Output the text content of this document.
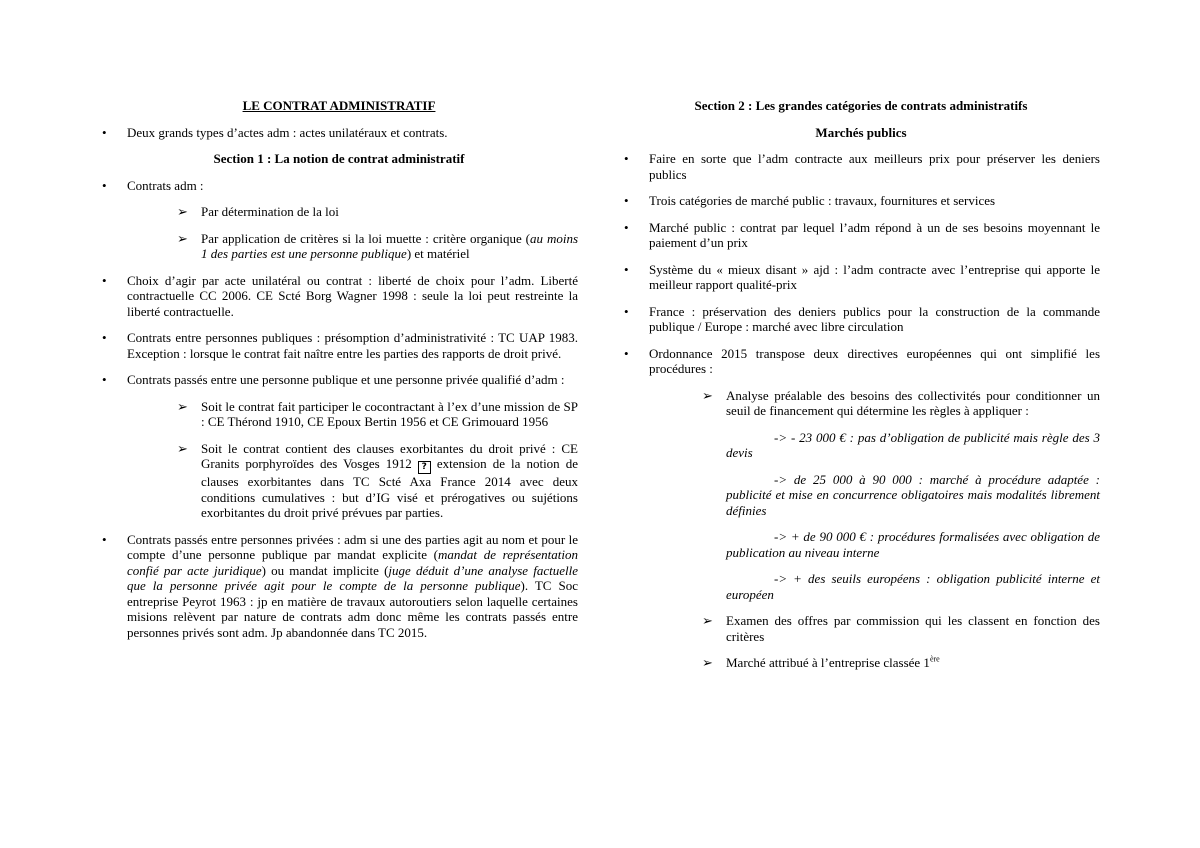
LE CONTRAT ADMINISTRATIF

• Deux grands types d’actes adm : actes unilatéraux et contrats.

Section 1 : La notion de contrat administratif

• Contrats adm :

➢ Par détermination de la loi

➢ Par application de critères si la loi muette : critère organique (au moins 1 des parties est une personne publique) et matériel

• Choix d’agir par acte unilatéral ou contrat : liberté de choix pour l’adm. Liberté contractuelle CC 2006. CE Scté Borg Wagner 1998 : seule la loi peut restreinte la liberté contractuelle.

• Contrats entre personnes publiques : présomption d’administrativité : TC UAP 1983. Exception : lorsque le contrat fait naître entre les parties des rapports de droit privé.

• Contrats passés entre une personne publique et une personne privée qualifié d’adm :

➢ Soit le contrat fait participer le cocontractant à l’ex d’une mission de SP : CE Thérond 1910, CE Epoux Bertin 1956 et CE Grimouard 1956

➢ Soit le contrat contient des clauses exorbitantes du droit privé : CE Granits porphyroïdes des Vosges 1912 ? extension de la notion de clauses exorbitantes dans TC Scté Axa France 2014 avec deux conditions cumulatives : but d’IG visé et prérogatives ou sujétions exorbitantes du droit privé prévues par parties.

• Contrats passés entre personnes privées : adm si une des parties agit au nom et pour le compte d’une personne publique par mandat explicite (mandat de représentation confié par acte juridique) ou mandat implicite (juge déduit d’une analyse factuelle que la personne privée agit pour le compte de la personne publique). TC Soc entreprise Peyrot 1963 : jp en matière de travaux autoroutiers selon laquelle certaines misions relèvent par nature de contrats adm donc même les contrats passés entre personnes privés sont adm. Jp abandonnée dans TC 2015.

Section 2 : Les grandes catégories de contrats administratifs

Marchés publics

• Faire en sorte que l’adm contracte aux meilleurs prix pour préserver les deniers publics

• Trois catégories de marché public : travaux, fournitures et services

• Marché public : contrat par lequel l’adm répond à un de ses besoins moyennant le paiement d’un prix

• Système du « mieux disant » ajd : l’adm contracte avec l’entreprise qui apporte le meilleur rapport qualité-prix

• France : préservation des deniers publics pour la construction de la commande publique / Europe : marché avec libre circulation

• Ordonnance 2015 transpose deux directives européennes qui ont simplifié les procédures :

➢ Analyse préalable des besoins des collectivités pour conditionner un seuil de financement qui détermine les règles à appliquer :

-> - 23 000 € : pas d’obligation de publicité mais règle des 3 devis

-> de 25 000 à 90 000 : marché à procédure adaptée : publicité et mise en concurrence obligatoires mais modalités librement définies

-> + de 90 000 € : procédures formalisées avec obligation de publication au niveau interne

-> + des seuils européens : obligation publicité interne et européen

➢ Examen des offres par commission qui les classent en fonction des critères

➢ Marché attribué à l’entreprise classée 1ère
